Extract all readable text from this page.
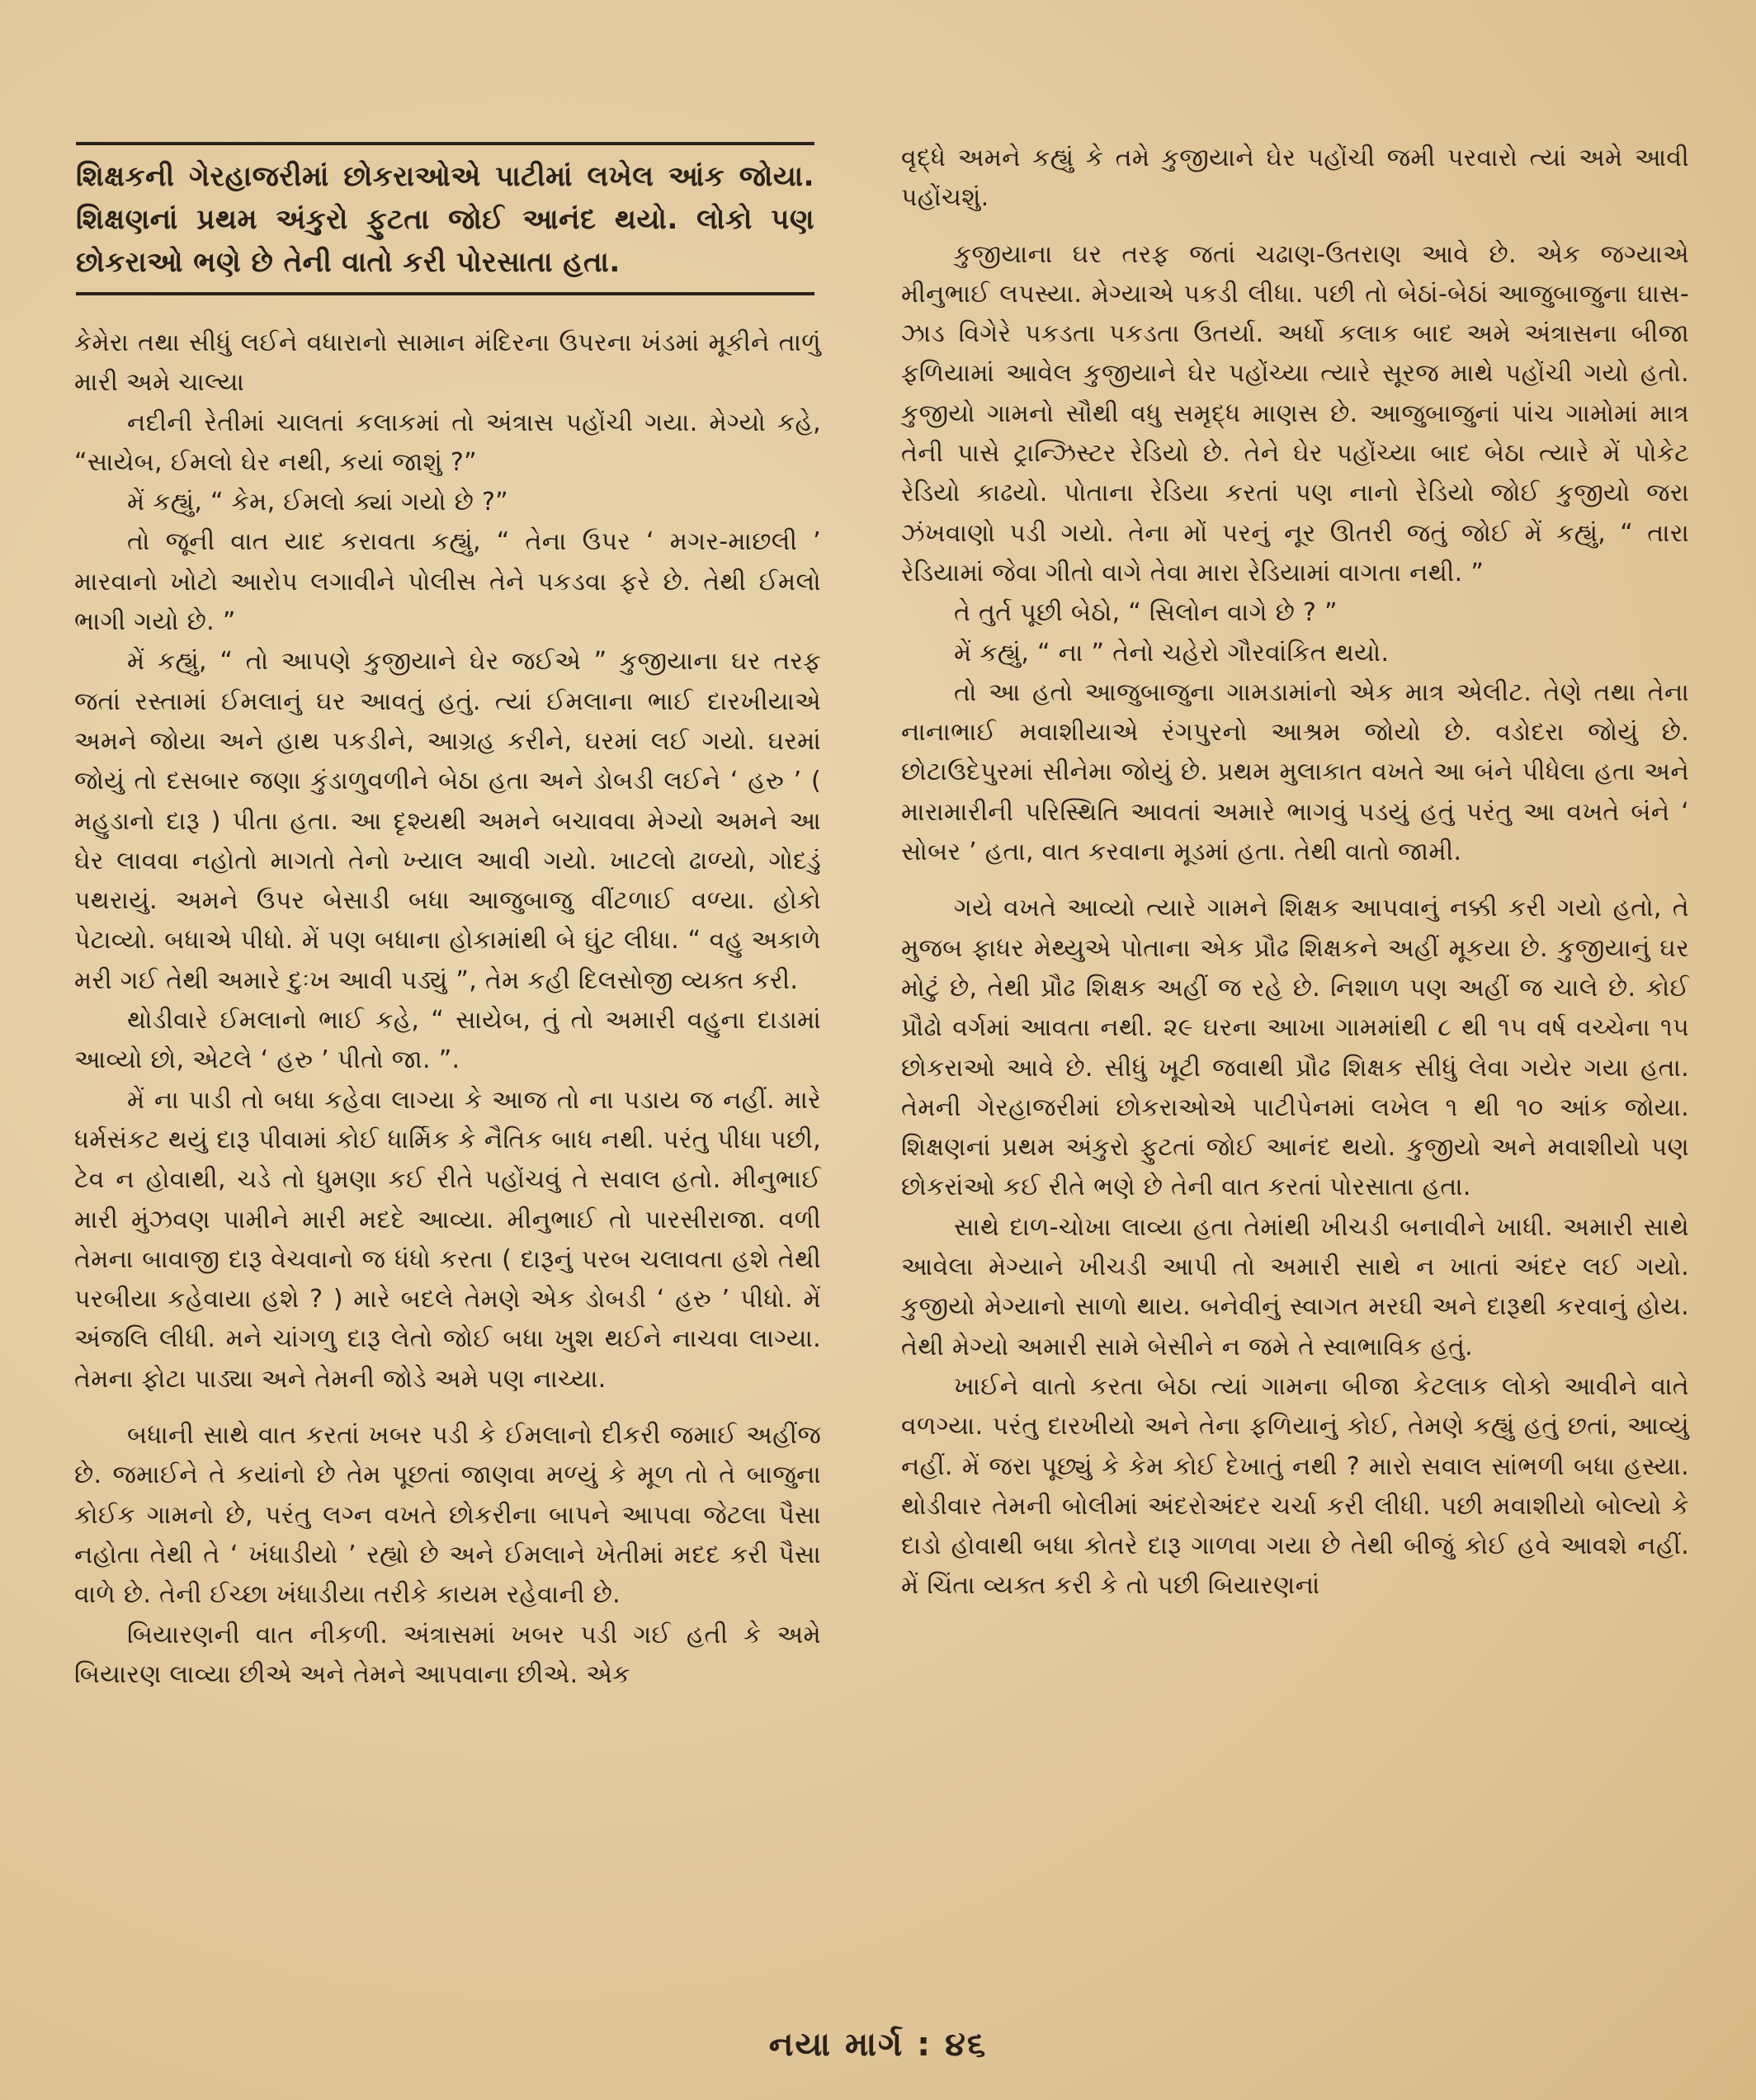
શિક્ષકની ગેરહાજરીમાં છોકરાઓએ પાટીમાં લખેલ આંક જોયા. શિક્ષણનાં પ્રથમ અંકુરો ફુટતા જોઈ આનંદ થયો. લોકો પણ છોકરાઓ ભણે છે તેની વાતો કરી પોરસાતા હતા.

કેમેરા તથા સીધું લઈને વધારાનો સામાન મંદિરના ઉપરના ખંડમાં મૂકીને તાળું મારી અમે ચાલ્યા

નદીની રેતીમાં ચાલતાં કલાકમાં તો અંત્રાસ પહોંચી ગયા. મેગ્યો કહે, “સાયેબ, ઈમલો ઘેર નથી, કયાં જાશું ?”

મેં કહ્યું, “ કેમ, ઈમલો ક્યાં ગયો છે ?”

તો જૂની વાત યાદ કરાવતા કહ્યું, “ તેના ઉપર ‘ મગર-માછલી ’ મારવાનો ખોટો આરોપ લગાવીને પોલીસ તેને પકડવા ફરે છે. તેથી ઈમલો ભાગી ગયો છે. ”

મેં કહ્યું, “ તો આપણે કુજીયાને ઘેર જઈએ ” કુજીયાના ઘર તરફ જતાં રસ્તામાં ઈમલાનું ઘર આવતું હતું. ત્યાં ઈમલાના ભાઈ દારખીયાએ અમને જોયા અને હાથ પકડીને, આગ્રહ કરીને, ઘરમાં લઈ ગયો. ઘરમાં જોયું તો દસબાર જણા કુંડાળુવળીને બેઠા હતા અને ડોબડી લઈને ‘ હરુ ’ ( મહુડાનો દારૂ ) પીતા હતા. આ દૃશ્યથી અમને બચાવવા મેગ્યો અમને આ ઘેર લાવવા નહોતો માગતો તેનો ખ્યાલ આવી ગયો. ખાટલો ઢાળ્યો, ગોદડું પથરાયું. અમને ઉપર બેસાડી બધા આજુબાજુ વીંટળાઈ વળ્યા. હોકો પેટાવ્યો. બધાએ પીધો. મેં પણ બધાના હોકામાંથી બે ઘુંટ લીધા. “ વહુ અકાળે મરી ગઈ તેથી અમારે દુઃખ આવી પડ્યું ”, તેમ કહી દિલસોજી વ્યક્ત કરી.

થોડીવારે ઈમલાનો ભાઈ કહે, “ સાયેબ, તું તો અમારી વહુના દાડામાં આવ્યો છો, એટલે ‘ હરુ ’ પીતો જા. ”.

મેં ના પાડી તો બધા કહેવા લાગ્યા કે આજ તો ના પડાય જ નહીં. મારે ધર્મસંકટ થયું દારૂ પીવામાં કોઈ ધાર્મિક કે નૈતિક બાધ નથી. પરંતુ પીધા પછી, ટેવ ન હોવાથી, ચડે તો ધુમણા કઈ રીતે પહોંચવું તે સવાલ હતો. મીનુભાઈ મારી મુંઝવણ પામીને મારી મદદે આવ્યા. મીનુભાઈ તો પારસીરાજા. વળી તેમના બાવાજી દારૂ વેચવાનો જ ધંધો કરતા ( દારૂનું પરબ ચલાવતા હશે તેથી પરબીયા કહેવાયા હશે ? ) મારે બદલે તેમણે એક ડોબડી ‘ હરુ ’ પીધો. મેં અંજલિ લીધી. મને ચાંગળુ દારૂ લેતો જોઈ બધા ખુશ થઈને નાચવા લાગ્યા. તેમના ફોટા પાડ્યા અને તેમની જોડે અમે પણ નાચ્યા.

બધાની સાથે વાત કરતાં ખબર પડી કે ઈમલાનો દીકરી જમાઈ અહીંજ છે. જમાઈને તે કયાંનો છે તેમ પૂછતાં જાણવા મળ્યું કે મૂળ તો તે બાજુના કોઈક ગામનો છે, પરંતુ લગ્ન વખતે છોકરીના બાપને આપવા જેટલા પૈસા નહોતા તેથી તે ‘ ખંધાડીયો ’ રહ્યો છે અને ઈમલાને ખેતીમાં મદદ કરી પૈસા વાળે છે. તેની ઈચ્છા ખંધાડીયા તરીકે કાયમ રહેવાની છે.

બિયારણની વાત નીકળી. અંત્રાસમાં ખબર પડી ગઈ હતી કે અમે બિયારણ લાવ્યા છીએ અને તેમને આપવાના છીએ. એક

વૃદ્ધે અમને કહ્યું કે તમે કુજીયાને ઘેર પહોંચી જમી પરવારો ત્યાં અમે આવી પહોંચશું.

કુજીયાના ઘર તરફ જતાં ચઢાણ-ઉતરાણ આવે છે. એક જગ્યાએ મીનુભાઈ લપસ્યા. મેગ્યાએ પકડી લીધા. પછી તો બેઠાં-બેઠાં આજુબાજુના ઘાસ-ઝાડ વિગેરે પકડતા પકડતા ઉતર્યા. અર્ધો કલાક બાદ અમે અંત્રાસના બીજા ફળિયામાં આવેલ કુજીયાને ઘેર પહોંચ્યા ત્યારે સૂરજ માથે પહોંચી ગયો હતો. કુજીયો ગામનો સૌથી વધુ સમૃદ્ધ માણસ છે. આજુબાજુનાં પાંચ ગામોમાં માત્ર તેની પાસે ટ્રાન્ઝિસ્ટર રેડિયો છે. તેને ઘેર પહોંચ્યા બાદ બેઠા ત્યારે મેં પોકેટ રેડિયો કાઢયો. પોતાના રેડિયા કરતાં પણ નાનો રેડિયો જોઈ કુજીયો જરા ઝંખવાણો પડી ગયો. તેના મોં પરનું નૂર ઊતરી જતું જોઈ મેં કહ્યું, “ તારા રેડિયામાં જેવા ગીતો વાગે તેવા મારા રેડિયામાં વાગતા નથી. ”

તે તુર્ત પૂછી બેઠો, “ સિલોન વાગે છે ? ”

મેં કહ્યું, “ ના ” તેનો ચહેરો ગૌરવાંકિત થયો.

તો આ હતો આજુબાજુના ગામડામાંનો એક માત્ર એલીટ. તેણે તથા તેના નાનાભાઈ મવાશીયાએ રંગપુરનો આશ્રમ જોયો છે. વડોદરા જોયું છે. છોટાઉદેપુરમાં સીનેમા જોયું છે. પ્રથમ મુલાકાત વખતે આ બંને પીધેલા હતા અને મારામારીની પરિસ્થિતિ આવતાં અમારે ભાગવું પડયું હતું પરંતુ આ વખતે બંને ‘ સોબર ’ હતા, વાત કરવાના મૂડમાં હતા. તેથી વાતો જામી.

ગયે વખતે આવ્યો ત્યારે ગામને શિક્ષક આપવાનું નક્કી કરી ગયો હતો, તે મુજબ ફાધર મેથ્યુએ પોતાના એક પ્રૌઢ શિક્ષકને અહીં મૂકયા છે. કુજીયાનું ઘર મોટું છે, તેથી પ્રૌઢ શિક્ષક અહીં જ રહે છે. નિશાળ પણ અહીં જ ચાલે છે. કોઈ પ્રૌઢો વર્ગમાં આવતા નથી. ૨૯ ઘરના આખા ગામમાંથી ૮ થી ૧૫ વર્ષ વચ્ચેના ૧૫ છોકરાઓ આવે છે. સીધું ખૂટી જવાથી પ્રૌઢ શિક્ષક સીધું લેવા ગયેર ગયા હતા. તેમની ગેરહાજરીમાં છોકરાઓએ પાટીપેનમાં લખેલ ૧ થી ૧૦ આંક જોયા. શિક્ષણનાં પ્રથમ અંકુરો ફુટતાં જોઈ આનંદ થયો. કુજીયો અને મવાશીયો પણ છોકરાંઓ કઈ રીતે ભણે છે તેની વાત કરતાં પોરસાતા હતા.

સાથે દાળ-ચોખા લાવ્યા હતા તેમાંથી ખીચડી બનાવીને ખાધી. અમારી સાથે આવેલા મેગ્યાને ખીચડી આપી તો અમારી સાથે ન ખાતાં અંદર લઈ ગયો. કુજીયો મેગ્યાનો સાળો થાય. બનેવીનું સ્વાગત મરઘી અને દારૂથી કરવાનું હોય. તેથી મેગ્યો અમારી સામે બેસીને ન જમે તે સ્વાભાવિક હતું.

ખાઈને વાતો કરતા બેઠા ત્યાં ગામના બીજા કેટલાક લોકો આવીને વાતે વળગ્યા. પરંતુ દારખીયો અને તેના ફળિયાનું કોઈ, તેમણે કહ્યું હતું છતાં, આવ્યું નહીં. મેં જરા પૂછ્યું કે કેમ કોઈ દેખાતું નથી ? મારો સવાલ સાંભળી બધા હસ્યા. થોડીવાર તેમની બોલીમાં અંદરોઅંદર ચર્ચા કરી લીધી. પછી મવાશીયો બોલ્યો કે દાડો હોવાથી બધા કોતરે દારૂ ગાળવા ગયા છે તેથી બીજું કોઈ હવે આવશે નહીં. મેં ચિંતા વ્યક્ત કરી કે તો પછી બિયારણનાં

નયા માર્ગ : ૪૬
